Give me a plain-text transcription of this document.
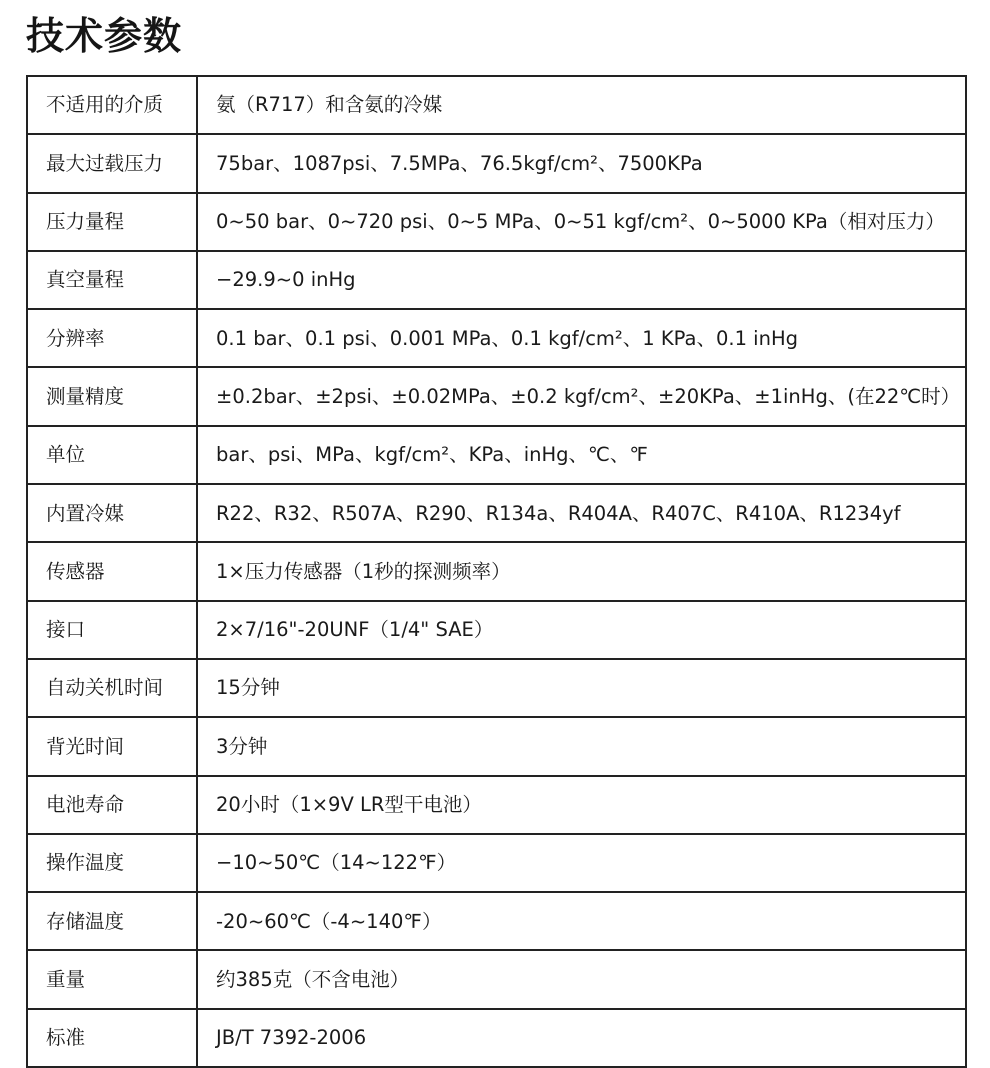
技术参数
不适用的介质	氨（R717）和含氨的冷媒
最大过载压力	75bar、1087psi、7.5MPa、76.5kgf/cm²、7500KPa
压力量程	0~50 bar、0~720 psi、0~5 MPa、0~51 kgf/cm²、0~5000 KPa（相对压力）
真空量程	−29.9~0 inHg
分辨率	0.1 bar、0.1 psi、0.001 MPa、0.1 kgf/cm²、1 KPa、0.1 inHg
测量精度	±0.2bar、±2psi、±0.02MPa、±0.2 kgf/cm²、±20KPa、±1inHg、(在22℃时）
单位	bar、psi、MPa、kgf/cm²、KPa、inHg、℃、℉
内置冷媒	R22、R32、R507A、R290、R134a、R404A、R407C、R410A、R1234yf
传感器	1×压力传感器（1秒的探测频率）
接口	2×7/16"-20UNF（1/4" SAE）
自动关机时间	15分钟
背光时间	3分钟
电池寿命	20小时（1×9V LR型干电池）
操作温度	−10~50℃（14~122℉）
存储温度	-20~60℃（-4~140℉）
重量	约385克（不含电池）
标准	JB/T 7392-2006
